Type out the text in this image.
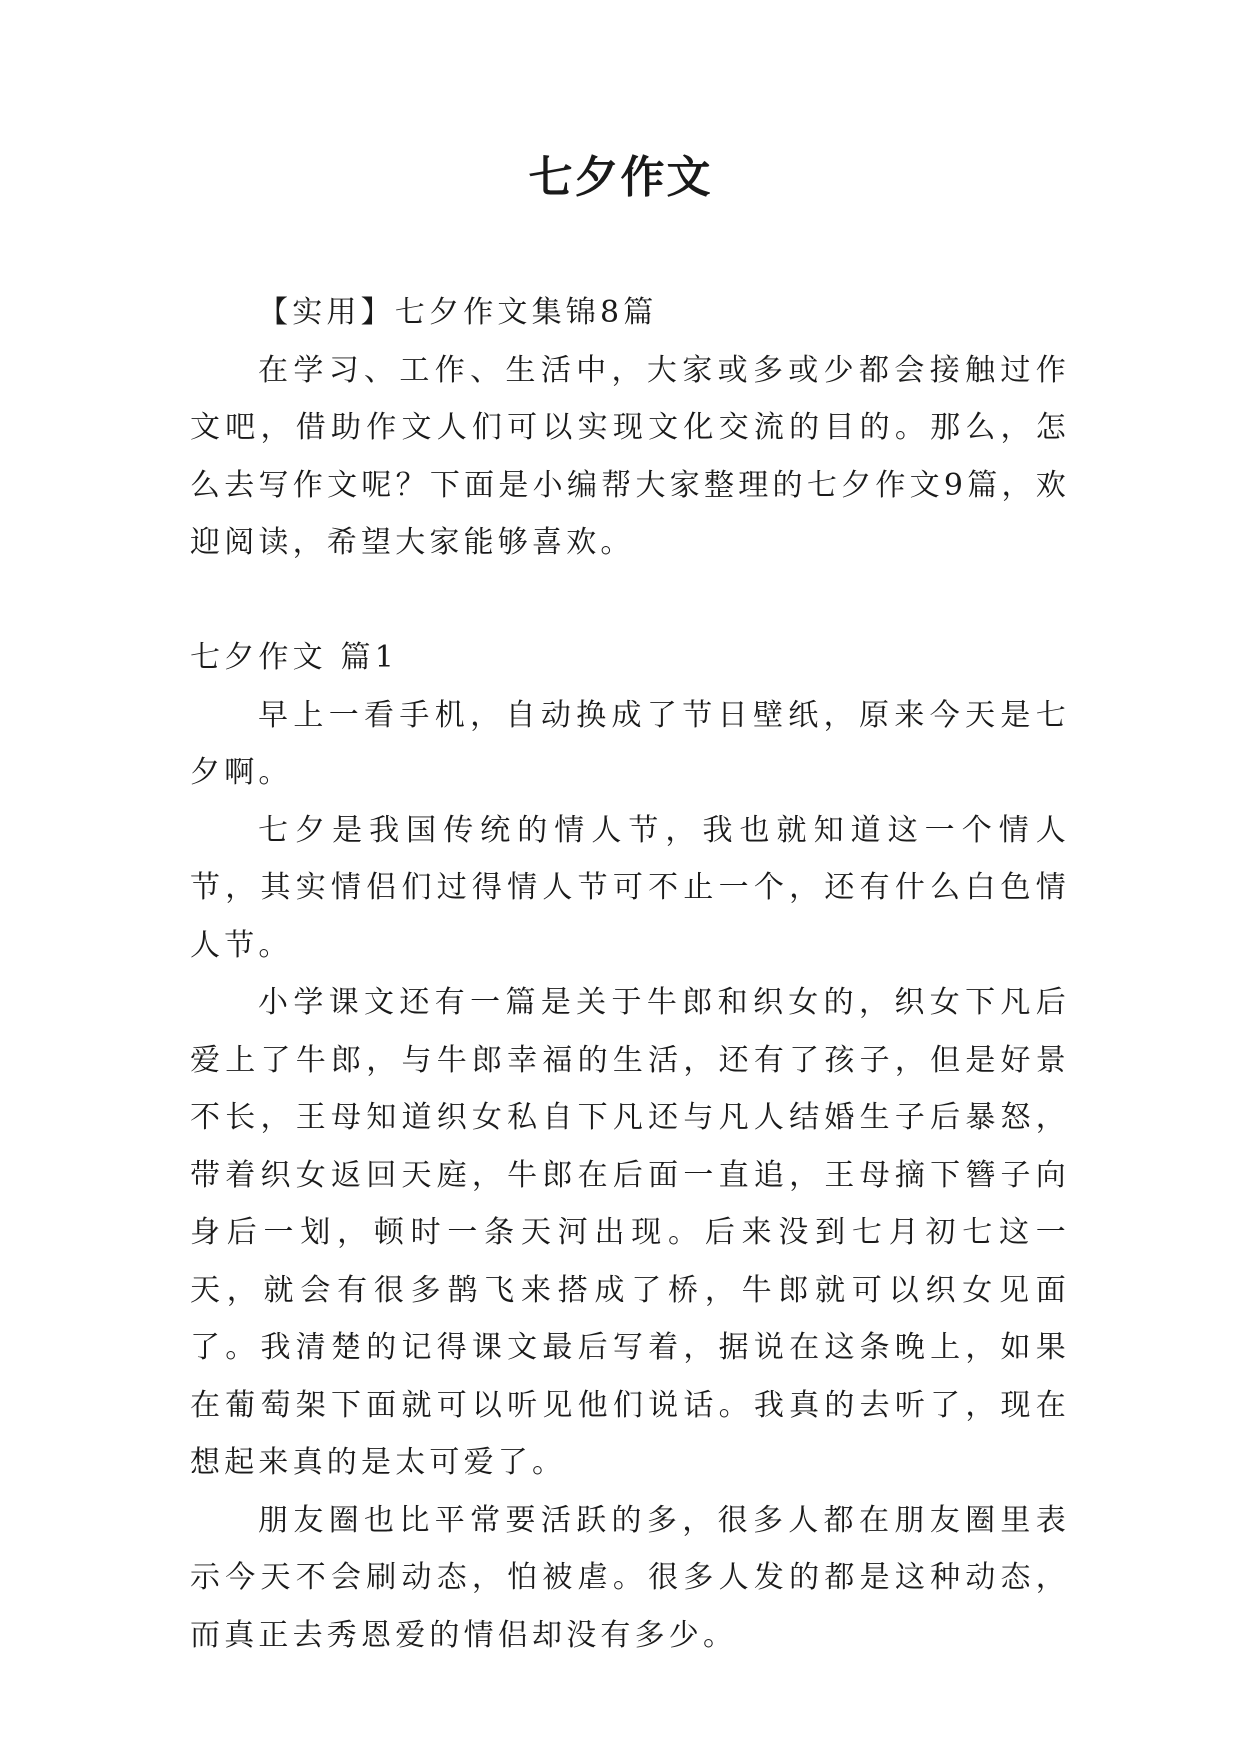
七夕作文

【实用】七夕作文集锦8篇

在学习、工作、生活中，大家或多或少都会接触过作文吧，借助作文人们可以实现文化交流的目的。那么，怎么去写作文呢？下面是小编帮大家整理的七夕作文9篇，欢迎阅读，希望大家能够喜欢。

七夕作文 篇1

早上一看手机，自动换成了节日壁纸，原来今天是七夕啊。

七夕是我国传统的情人节，我也就知道这一个情人节，其实情侣们过得情人节可不止一个，还有什么白色情人节。

小学课文还有一篇是关于牛郎和织女的，织女下凡后爱上了牛郎，与牛郎幸福的生活，还有了孩子，但是好景不长，王母知道织女私自下凡还与凡人结婚生子后暴怒，带着织女返回天庭，牛郎在后面一直追，王母摘下簪子向身后一划，顿时一条天河出现。后来没到七月初七这一天，就会有很多鹊飞来搭成了桥，牛郎就可以织女见面了。我清楚的记得课文最后写着，据说在这条晚上，如果在葡萄架下面就可以听见他们说话。我真的去听了，现在想起来真的是太可爱了。

朋友圈也比平常要活跃的多，很多人都在朋友圈里表示今天不会刷动态，怕被虐。很多人发的都是这种动态，而真正去秀恩爱的情侣却没有多少。
